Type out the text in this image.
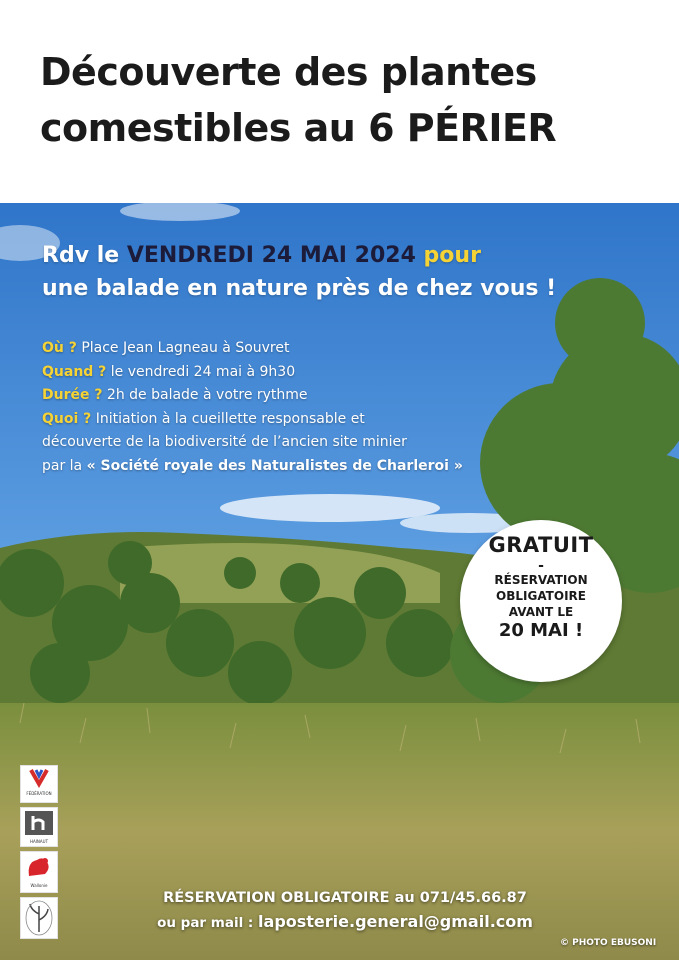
Découverte des plantes
comestibles au 6 PÉRIER
Rdv le VENDREDI 24 MAI 2024 pour
une balade en nature près de chez vous !
Où ? Place Jean Lagneau à Souvret
Quand ? le vendredi 24 mai à 9h30
Durée ? 2h de balade à votre rythme
Quoi ? Initiation à la cueillette responsable et
découverte de la biodiversité de l’ancien site minier
par la « Société royale des Naturalistes de Charleroi »
GRATUIT
-
RÉSERVATION
OBLIGATOIRE
AVANT LE
20 MAI !
FÉDÉRATION
HAINAUT
Wallonie
RÉSERVATION OBLIGATOIRE au 071/45.66.87
ou par mail : laposterie.general@gmail.com
© PHOTO EBUSONI
